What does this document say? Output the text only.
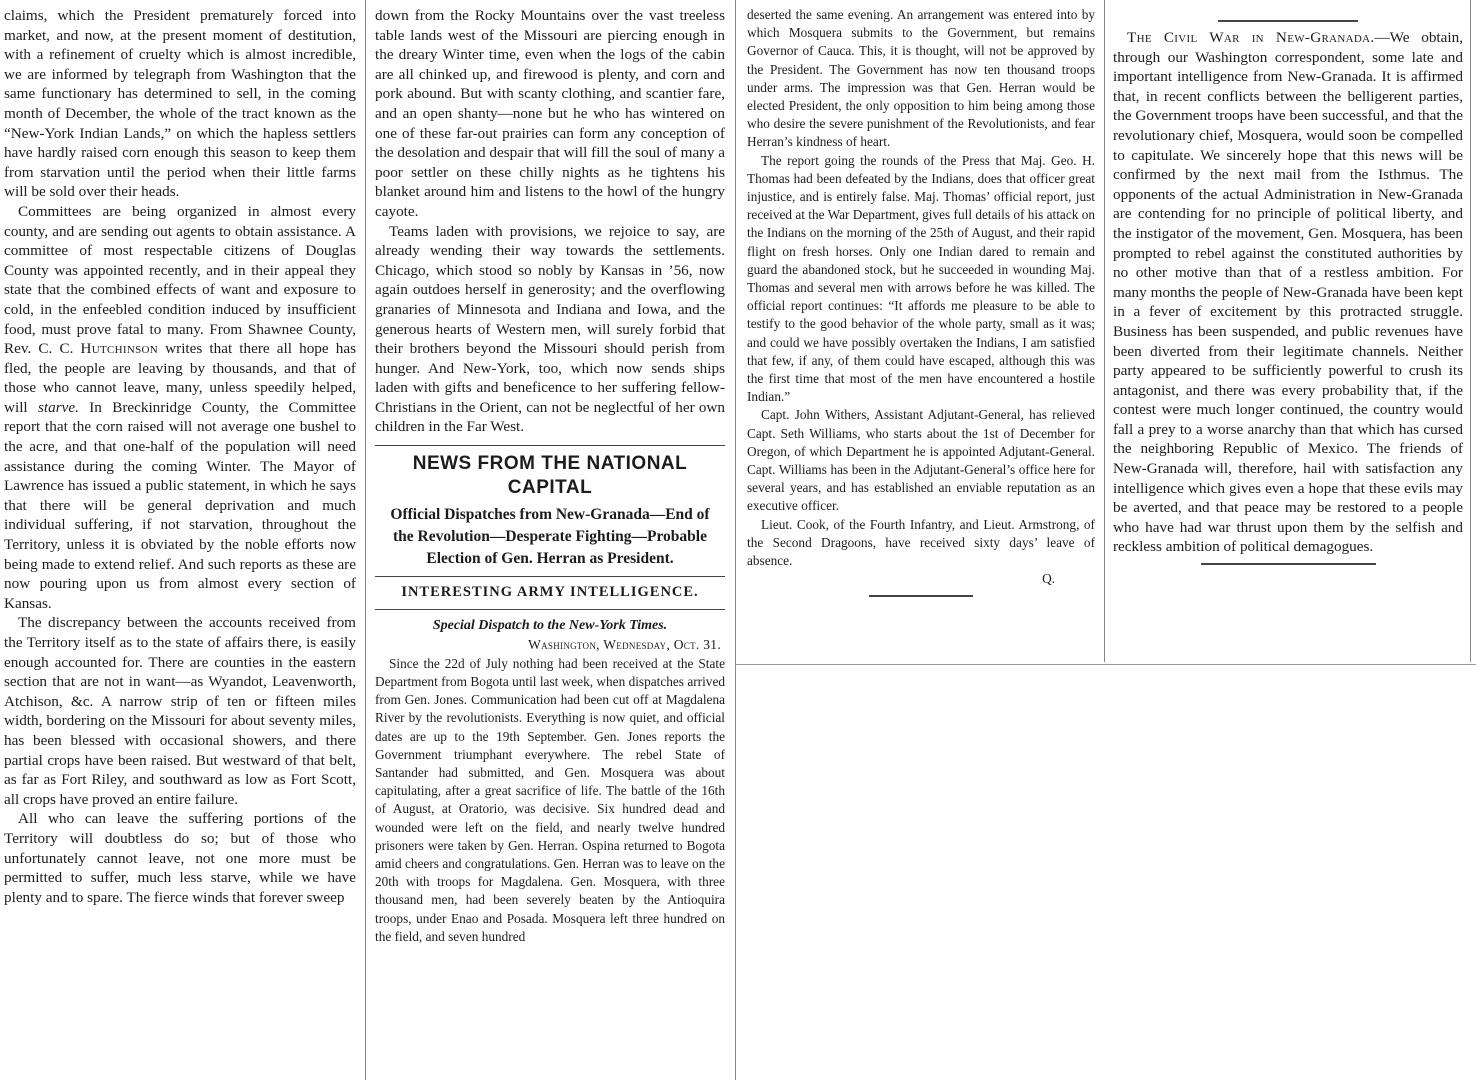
claims, which the President prematurely forced into market, and now, at the present moment of destitution, with a refinement of cruelty which is almost incredible, we are informed by telegraph from Washington that the same functionary has determined to sell, in the coming month of December, the whole of the tract known as the “New-York Indian Lands,” on which the hapless settlers have hardly raised corn enough this season to keep them from starvation until the period when their little farms will be sold over their heads.

Committees are being organized in almost every county, and are sending out agents to obtain assistance. A committee of most respectable citizens of Douglas County was appointed recently, and in their appeal they state that the combined effects of want and exposure to cold, in the enfeebled condition induced by insufficient food, must prove fatal to many. From Shawnee County, Rev. C. C. Hutchinson writes that there all hope has fled, the people are leaving by thousands, and that of those who cannot leave, many, unless speedily helped, will starve. In Breckinridge County, the Committee report that the corn raised will not average one bushel to the acre, and that one-half of the population will need assistance during the coming Winter. The Mayor of Lawrence has issued a public statement, in which he says that there will be general deprivation and much individual suffering, if not starvation, throughout the Territory, unless it is obviated by the noble efforts now being made to extend relief. And such reports as these are now pouring upon us from almost every section of Kansas.

The discrepancy between the accounts received from the Territory itself as to the state of affairs there, is easily enough accounted for. There are counties in the eastern section that are not in want—as Wyandot, Leavenworth, Atchison, &c. A narrow strip of ten or fifteen miles width, bordering on the Missouri for about seventy miles, has been blessed with occasional showers, and there partial crops have been raised. But westward of that belt, as far as Fort Riley, and southward as low as Fort Scott, all crops have proved an entire failure.

All who can leave the suffering portions of the Territory will doubtless do so; but of those who unfortunately cannot leave, not one more must be permitted to suffer, much less starve, while we have plenty and to spare. The fierce winds that forever sweep

down from the Rocky Mountains over the vast treeless table lands west of the Missouri are piercing enough in the dreary Winter time, even when the logs of the cabin are all chinked up, and firewood is plenty, and corn and pork abound. But with scanty clothing, and scantier fare, and an open shanty—none but he who has wintered on one of these far-out prairies can form any conception of the desolation and despair that will fill the soul of many a poor settler on these chilly nights as he tightens his blanket around him and listens to the howl of the hungry cayote.

Teams laden with provisions, we rejoice to say, are already wending their way towards the settlements. Chicago, which stood so nobly by Kansas in ’56, now again outdoes herself in generosity; and the overflowing granaries of Minnesota and Indiana and Iowa, and the generous hearts of Western men, will surely forbid that their brothers beyond the Missouri should perish from hunger. And New-York, too, which now sends ships laden with gifts and beneficence to her suffering fellow-Christians in the Orient, can not be neglectful of her own children in the Far West.

NEWS FROM THE NATIONAL CAPITAL
Official Dispatches from New-Granada—End of the Revolution—Desperate Fighting—Probable Election of Gen. Herran as President.
INTERESTING ARMY INTELLIGENCE.
Special Dispatch to the New-York Times.
Washington, Wednesday, Oct. 31.

Since the 22d of July nothing had been received at the State Department from Bogota until last week, when dispatches arrived from Gen. Jones. Communication had been cut off at Magdalena River by the revolutionists. Everything is now quiet, and official dates are up to the 19th September. Gen. Jones reports the Government triumphant everywhere. The rebel State of Santander had submitted, and Gen. Mosquera was about capitulating, after a great sacrifice of life. The battle of the 16th of August, at Oratorio, was decisive. Six hundred dead and wounded were left on the field, and nearly twelve hundred prisoners were taken by Gen. Herran. Ospina returned to Bogota amid cheers and congratulations. Gen. Herran was to leave on the 20th with troops for Magdalena. Gen. Mosquera, with three thousand men, had been severely beaten by the Antioquira troops, under Enao and Posada. Mosquera left three hundred on the field, and seven hundred

deserted the same evening. An arrangement was entered into by which Mosquera submits to the Government, but remains Governor of Cauca. This, it is thought, will not be approved by the President. The Government has now ten thousand troops under arms. The impression was that Gen. Herran would be elected President, the only opposition to him being among those who desire the severe punishment of the Revolutionists, and fear Herran’s kindness of heart.

The report going the rounds of the Press that Maj. Geo. H. Thomas had been defeated by the Indians, does that officer great injustice, and is entirely false. Maj. Thomas’ official report, just received at the War Department, gives full details of his attack on the Indians on the morning of the 25th of August, and their rapid flight on fresh horses. Only one Indian dared to remain and guard the abandoned stock, but he succeeded in wounding Maj. Thomas and several men with arrows before he was killed. The official report continues: “It affords me pleasure to be able to testify to the good behavior of the whole party, small as it was; and could we have possibly overtaken the Indians, I am satisfied that few, if any, of them could have escaped, although this was the first time that most of the men have encountered a hostile Indian.”

Capt. John Withers, Assistant Adjutant-General, has relieved Capt. Seth Williams, who starts about the 1st of December for Oregon, of which Department he is appointed Adjutant-General. Capt. Williams has been in the Adjutant-General’s office here for several years, and has established an enviable reputation as an executive officer.

Lieut. Cook, of the Fourth Infantry, and Lieut. Armstrong, of the Second Dragoons, have received sixty days’ leave of absence.

Q.

The Civil War in New-Granada.—We obtain, through our Washington correspondent, some late and important intelligence from New-Granada. It is affirmed that, in recent conflicts between the belligerent parties, the Government troops have been successful, and that the revolutionary chief, Mosquera, would soon be compelled to capitulate. We sincerely hope that this news will be confirmed by the next mail from the Isthmus. The opponents of the actual Administration in New-Granada are contending for no principle of political liberty, and the instigator of the movement, Gen. Mosquera, has been prompted to rebel against the constituted authorities by no other motive than that of a restless ambition. For many months the people of New-Granada have been kept in a fever of excitement by this protracted struggle. Business has been suspended, and public revenues have been diverted from their legitimate channels. Neither party appeared to be sufficiently powerful to crush its antagonist, and there was every probability that, if the contest were much longer continued, the country would fall a prey to a worse anarchy than that which has cursed the neighboring Republic of Mexico. The friends of New-Granada will, therefore, hail with satisfaction any intelligence which gives even a hope that these evils may be averted, and that peace may be restored to a people who have had war thrust upon them by the selfish and reckless ambition of political demagogues.
